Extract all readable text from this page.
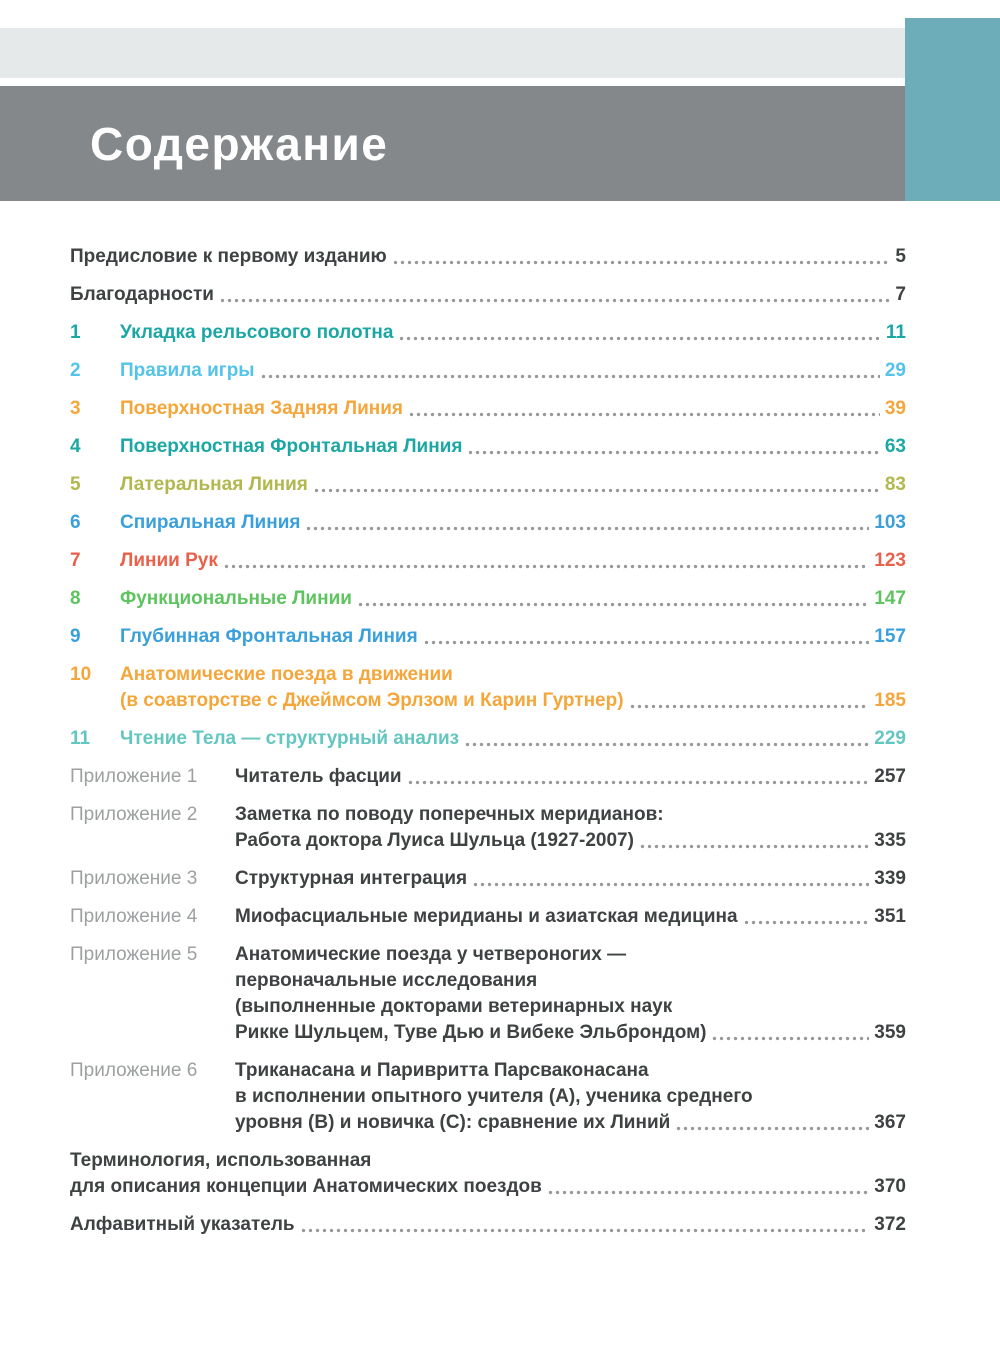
Содержание
Предисловие к первому изданию	5
Благодарности	7
1	Укладка рельсового полотна	11
2	Правила игры	29
3	Поверхностная Задняя Линия	39
4	Поверхностная Фронтальная Линия	63
5	Латеральная Линия	83
6	Спиральная Линия	103
7	Линии Рук	123
8	Функциональные Линии	147
9	Глубинная Фронтальная Линия	157
10	Анатомические поезда в движении
(в соавторстве с Джеймсом Эрлзом и Карин Гуртнер)	185
11	Чтение Тела — структурный анализ	229
Приложение 1	Читатель фасции	257
Приложение 2	Заметка по поводу поперечных меридианов:
Работа доктора Луиса Шульца (1927-2007)	335
Приложение 3	Структурная интеграция	339
Приложение 4	Миофасциальные меридианы и азиатская медицина	351
Приложение 5	Анатомические поезда у четвероногих —
первоначальные исследования
(выполненные докторами ветеринарных наук
Рикке Шульцем, Туве Дью и Вибеке Эльброндом)	359
Приложение 6	Триканасана и Паривритта Парсваконасана
в исполнении опытного учителя (А), ученика среднего
уровня (В) и новичка (С): сравнение их Линий	367
Терминология, использованная
для описания концепции Анатомических поездов	370
Алфавитный указатель	372
